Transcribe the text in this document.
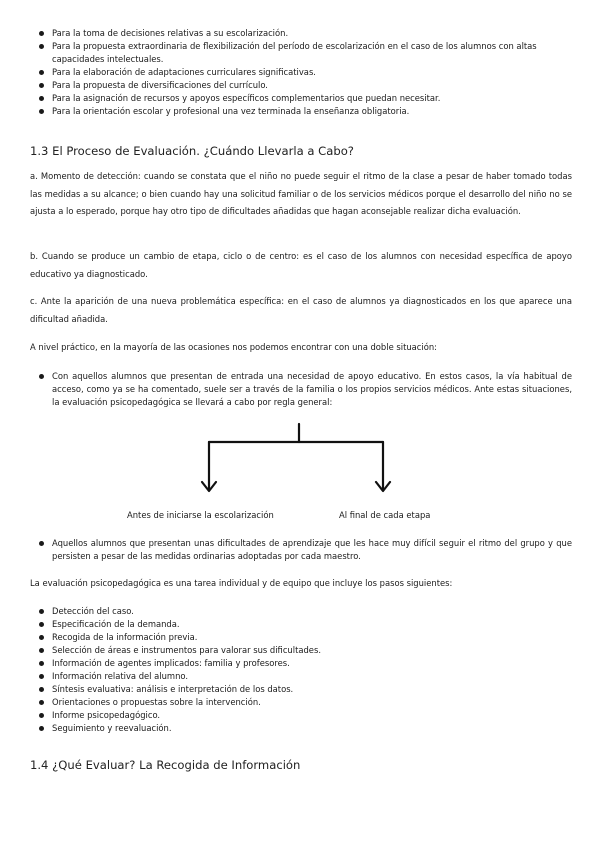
Para la toma de decisiones relativas a su escolarización.
Para la propuesta extraordinaria de flexibilización del período de escolarización en el caso de los alumnos con altas capacidades intelectuales.
Para la elaboración de adaptaciones curriculares significativas.
Para la propuesta de diversificaciones del currículo.
Para la asignación de recursos y apoyos específicos complementarios que puedan necesitar.
Para la orientación escolar y profesional una vez terminada la enseñanza obligatoria.
1.3 El Proceso de Evaluación. ¿Cuándo Llevarla a Cabo?

a. Momento de detección: cuando se constata que el niño no puede seguir el ritmo de la clase a pesar de haber tomado todas las medidas a su alcance; o bien cuando hay una solicitud familiar o de los servicios médicos porque el desarrollo del niño no se ajusta a lo esperado, porque hay otro tipo de dificultades añadidas que hagan aconsejable realizar dicha evaluación.

b. Cuando se produce un cambio de etapa, ciclo o de centro: es el caso de los alumnos con necesidad específica de apoyo educativo ya diagnosticado.

c. Ante la aparición de una nueva problemática específica: en el caso de alumnos ya diagnosticados en los que aparece una dificultad añadida.

A nivel práctico, en la mayoría de las ocasiones nos podemos encontrar con una doble situación:

Con aquellos alumnos que presentan de entrada una necesidad de apoyo educativo. En estos casos, la vía habitual de acceso, como ya se ha comentado, suele ser a través de la familia o los propios servicios médicos. Ante estas situaciones, la evaluación psicopedagógica se llevará a cabo por regla general:
Antes de iniciarse la escolarización	Al final de cada etapa
Aquellos alumnos que presentan unas dificultades de aprendizaje que les hace muy difícil seguir el ritmo del grupo y que persisten a pesar de las medidas ordinarias adoptadas por cada maestro.

La evaluación psicopedagógica es una tarea individual y de equipo que incluye los pasos siguientes:

Detección del caso.
Especificación de la demanda.
Recogida de la información previa.
Selección de áreas e instrumentos para valorar sus dificultades.
Información de agentes implicados: familia y profesores.
Información relativa del alumno.
Síntesis evaluativa: análisis e interpretación de los datos.
Orientaciones o propuestas sobre la intervención.
Informe psicopedagógico.
Seguimiento y reevaluación.
1.4 ¿Qué Evaluar? La Recogida de Información
